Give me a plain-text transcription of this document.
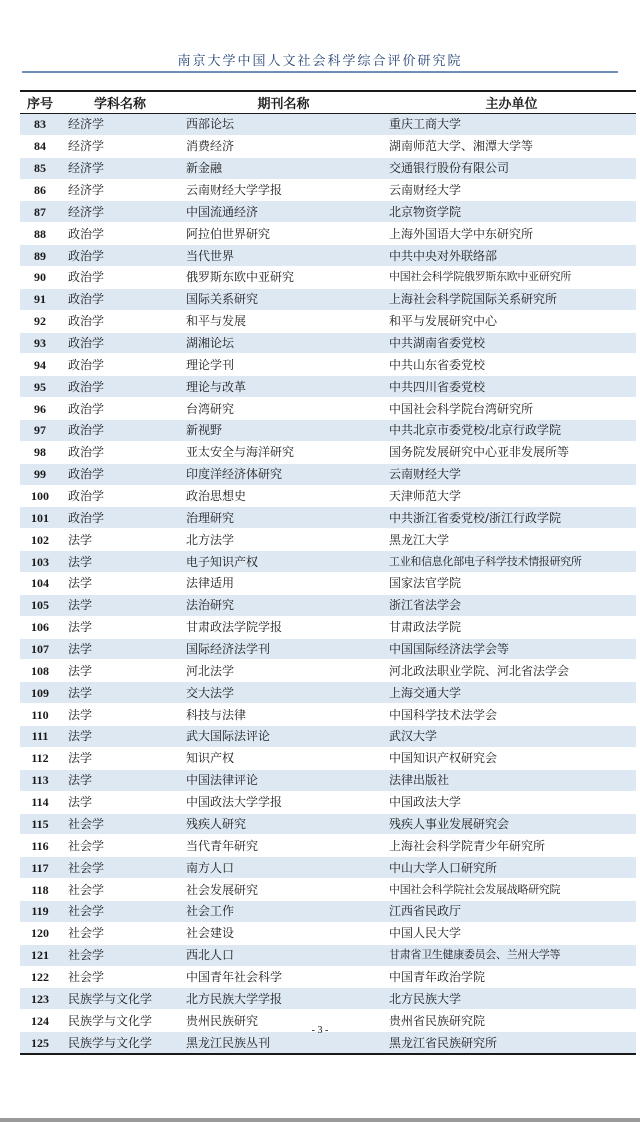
南京大学中国人文社会科学综合评价研究院
序号	学科名称	期刊名称	主办单位
83	经济学	西部论坛	重庆工商大学
84	经济学	消费经济	湖南师范大学、湘潭大学等
85	经济学	新金融	交通银行股份有限公司
86	经济学	云南财经大学学报	云南财经大学
87	经济学	中国流通经济	北京物资学院
88	政治学	阿拉伯世界研究	上海外国语大学中东研究所
89	政治学	当代世界	中共中央对外联络部
90	政治学	俄罗斯东欧中亚研究	中国社会科学院俄罗斯东欧中亚研究所
91	政治学	国际关系研究	上海社会科学院国际关系研究所
92	政治学	和平与发展	和平与发展研究中心
93	政治学	湖湘论坛	中共湖南省委党校
94	政治学	理论学刊	中共山东省委党校
95	政治学	理论与改革	中共四川省委党校
96	政治学	台湾研究	中国社会科学院台湾研究所
97	政治学	新视野	中共北京市委党校/北京行政学院
98	政治学	亚太安全与海洋研究	国务院发展研究中心亚非发展所等
99	政治学	印度洋经济体研究	云南财经大学
100	政治学	政治思想史	天津师范大学
101	政治学	治理研究	中共浙江省委党校/浙江行政学院
102	法学	北方法学	黑龙江大学
103	法学	电子知识产权	工业和信息化部电子科学技术情报研究所
104	法学	法律适用	国家法官学院
105	法学	法治研究	浙江省法学会
106	法学	甘肃政法学院学报	甘肃政法学院
107	法学	国际经济法学刊	中国国际经济法学会等
108	法学	河北法学	河北政法职业学院、河北省法学会
109	法学	交大法学	上海交通大学
110	法学	科技与法律	中国科学技术法学会
111	法学	武大国际法评论	武汉大学
112	法学	知识产权	中国知识产权研究会
113	法学	中国法律评论	法律出版社
114	法学	中国政法大学学报	中国政法大学
115	社会学	残疾人研究	残疾人事业发展研究会
116	社会学	当代青年研究	上海社会科学院青少年研究所
117	社会学	南方人口	中山大学人口研究所
118	社会学	社会发展研究	中国社会科学院社会发展战略研究院
119	社会学	社会工作	江西省民政厅
120	社会学	社会建设	中国人民大学
121	社会学	西北人口	甘肃省卫生健康委员会、兰州大学等
122	社会学	中国青年社会科学	中国青年政治学院
123	民族学与文化学	北方民族大学学报	北方民族大学
124	民族学与文化学	贵州民族研究	贵州省民族研究院
125	民族学与文化学	黑龙江民族丛刊	黑龙江省民族研究所
- 3 -
